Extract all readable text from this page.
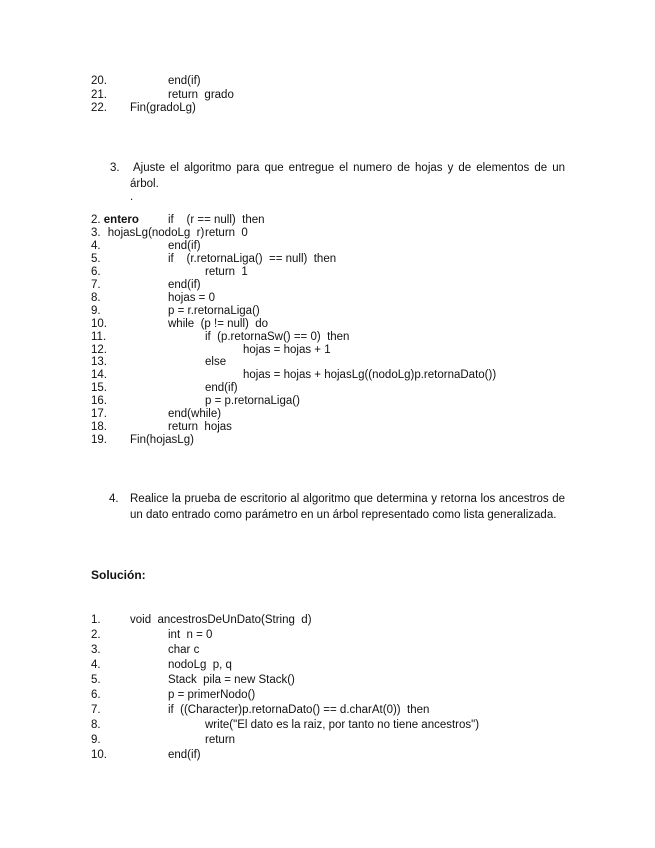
20.	end(if)
21.	return  grado
22. Fin(gradoLg)
3. Ajuste el algoritmo para que entregue el numero de hojas y de elementos de un árbol.
.

entero
hojasLg(nodoLg  r)

2.	if    (r == null)  then
3.	return  0
4.	end(if)
5.	if    (r.retornaLiga()  == null)  then
6.	return  1
7.	end(if)
8.	hojas = 0
9.	p = r.retornaLiga()
10.	while  (p != null)  do
11.	if  (p.retornaSw() == 0)  then
12.	hojas = hojas + 1
13.	else
14.	hojas = hojas + hojasLg((nodoLg)p.retornaDato())
15.	end(if)
16.	p = p.retornaLiga()
17.	end(while)
18.	return  hojas
19. Fin(hojasLg)
4. Realice la prueba de escritorio al algoritmo que determina y retorna los ancestros de un dato entrado como parámetro en un árbol representado como lista generalizada.
Solución:
1.	void  ancestrosDeUnDato(String  d)
2.	int  n = 0
3.	char c
4.	nodoLg  p, q
5.	Stack  pila = new Stack()
6.	p = primerNodo()
7.	if  ((Character)p.retornaDato() == d.charAt(0))  then
8.	write("El dato es la raiz, por tanto no tiene ancestros")
9.	return
10.	end(if)
